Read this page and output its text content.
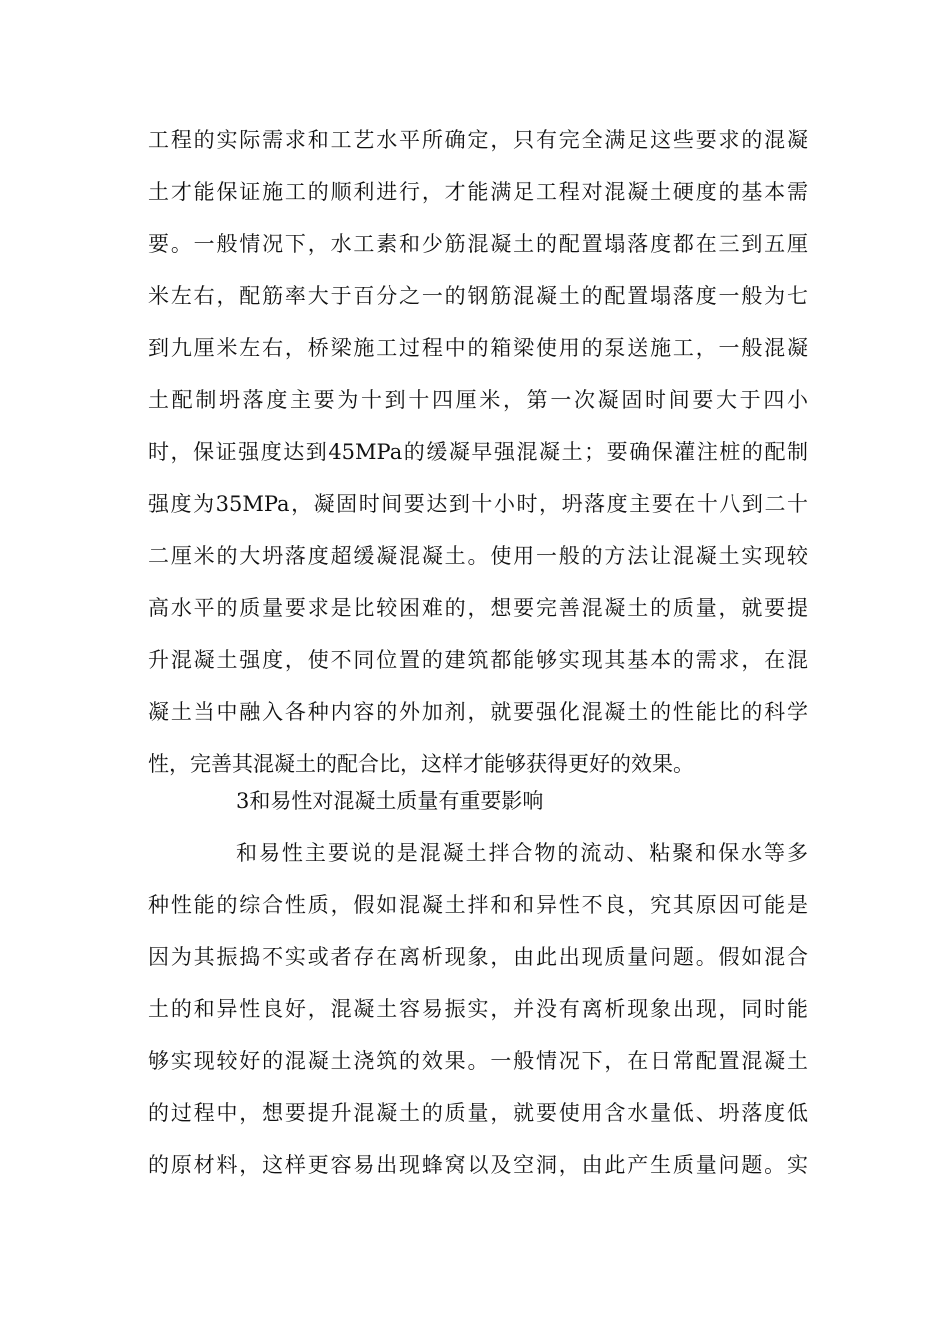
工程的实际需求和工艺水平所确定，只有完全满足这些要求的混凝
土才能保证施工的顺利进行，才能满足工程对混凝土硬度的基本需
要。一般情况下，水工素和少筋混凝土的配置塌落度都在三到五厘
米左右，配筋率大于百分之一的钢筋混凝土的配置塌落度一般为七
到九厘米左右，桥梁施工过程中的箱梁使用的泵送施工，一般混凝
土配制坍落度主要为十到十四厘米，第一次凝固时间要大于四小
时，保证强度达到45MPa的缓凝早强混凝土；要确保灌注桩的配制
强度为35MPa，凝固时间要达到十小时，坍落度主要在十八到二十
二厘米的大坍落度超缓凝混凝土。使用一般的方法让混凝土实现较
高水平的质量要求是比较困难的，想要完善混凝土的质量，就要提
升混凝土强度，使不同位置的建筑都能够实现其基本的需求，在混
凝土当中融入各种内容的外加剂，就要强化混凝土的性能比的科学
性，完善其混凝土的配合比，这样才能够获得更好的效果。
3和易性对混凝土质量有重要影响
和易性主要说的是混凝土拌合物的流动、粘聚和保水等多
种性能的综合性质，假如混凝土拌和和异性不良，究其原因可能是
因为其振捣不实或者存在离析现象，由此出现质量问题。假如混合
土的和异性良好，混凝土容易振实，并没有离析现象出现，同时能
够实现较好的混凝土浇筑的效果。一般情况下，在日常配置混凝土
的过程中，想要提升混凝土的质量，就要使用含水量低、坍落度低
的原材料，这样更容易出现蜂窝以及空洞，由此产生质量问题。实
